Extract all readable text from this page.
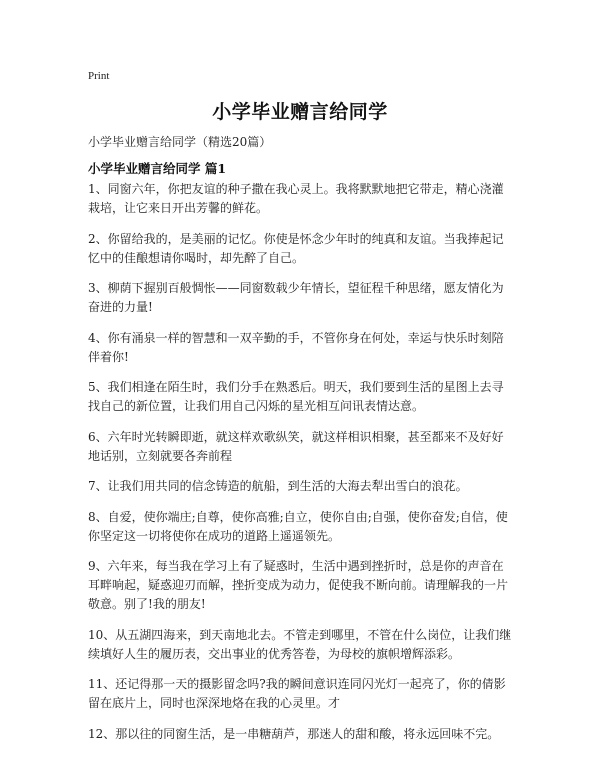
Print
小学毕业赠言给同学
小学毕业赠言给同学（精选20篇）
小学毕业赠言给同学 篇1
1、同窗六年，你把友谊的种子撒在我心灵上。我将默默地把它带走，精心浇灌栽培，让它来日开出芳馨的鲜花。
2、你留给我的，是美丽的记忆。你使是怀念少年时的纯真和友谊。当我捧起记忆中的佳酿想请你喝时，却先醉了自己。
3、柳荫下握别百般惆怅——同窗数载少年情长，望征程千种思绪，愿友情化为奋进的力量!
4、你有涌泉一样的智慧和一双辛勤的手，不管你身在何处，幸运与快乐时刻陪伴着你!
5、我们相逢在陌生时，我们分手在熟悉后。明天，我们要到生活的星图上去寻找自己的新位置，让我们用自己闪烁的星光相互问讯表情达意。
6、六年时光转瞬即逝，就这样欢歌纵笑，就这样相识相聚，甚至都来不及好好地话别，立刻就要各奔前程
7、让我们用共同的信念铸造的航船，到生活的大海去犁出雪白的浪花。
8、自爱，使你端庄;自尊，使你高雅;自立，使你自由;自强，使你奋发;自信，使你坚定这一切将使你在成功的道路上遥遥领先。
9、六年来，每当我在学习上有了疑惑时，生活中遇到挫折时，总是你的声音在耳畔响起，疑惑迎刃而解，挫折变成为动力，促使我不断向前。请理解我的一片敬意。别了!我的朋友!
10、从五湖四海来，到天南地北去。不管走到哪里，不管在什么岗位，让我们继续填好人生的履历表，交出事业的优秀答卷，为母校的旗帜增辉添彩。
11、还记得那一天的摄影留念吗?我的瞬间意识连同闪光灯一起亮了，你的倩影留在底片上，同时也深深地烙在我的心灵里。才
12、那以往的同窗生活，是一串糖葫芦，那迷人的甜和酸，将永远回味不完。
